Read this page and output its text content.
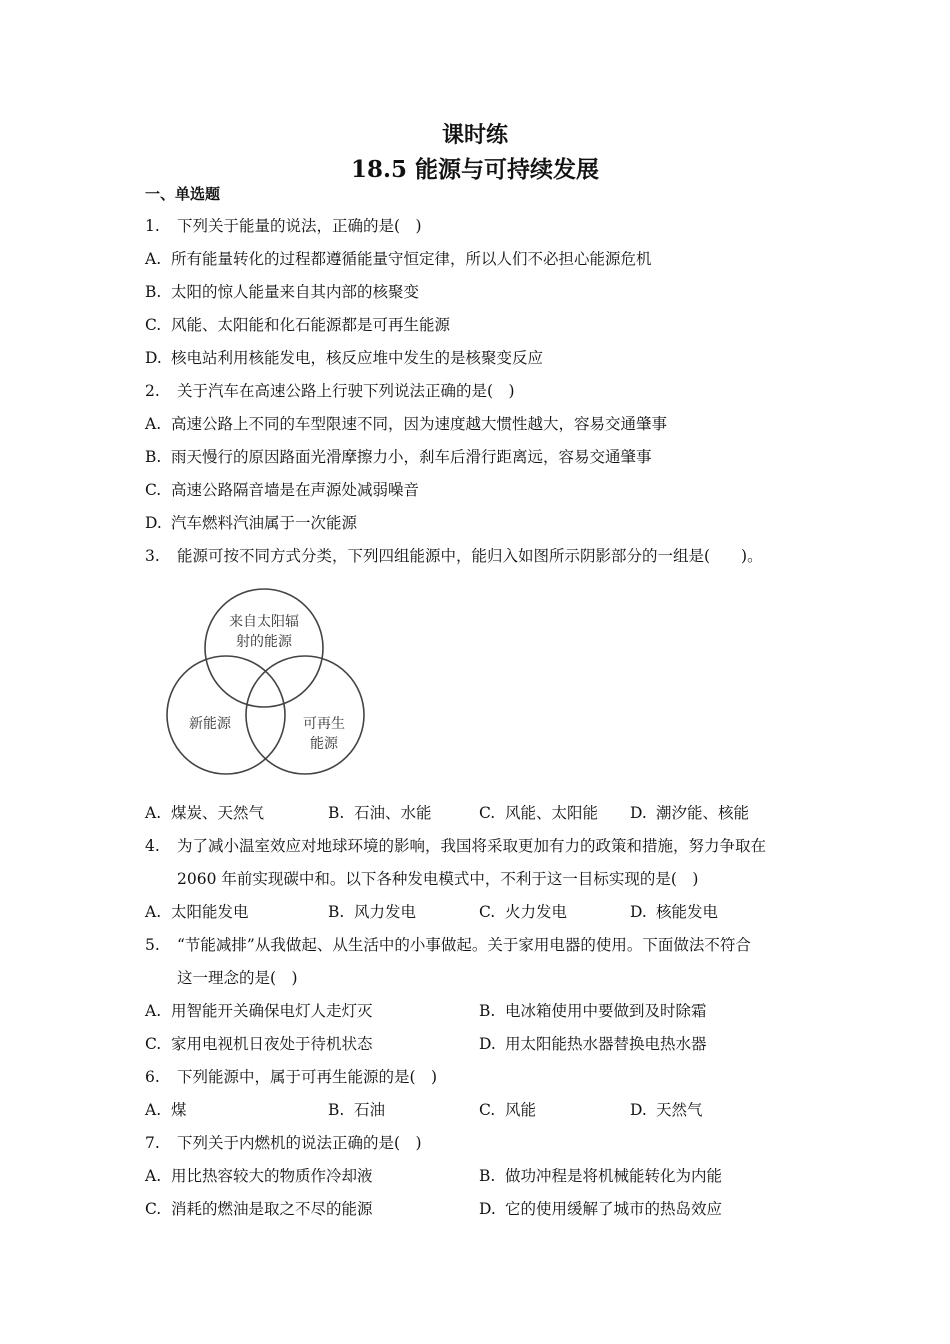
课时练
18.5 能源与可持续发展
一、单选题
1. 下列关于能量的说法，正确的是(　)
A. 所有能量转化的过程都遵循能量守恒定律，所以人们不必担心能源危机
B. 太阳的惊人能量来自其内部的核聚变
C. 风能、太阳能和化石能源都是可再生能源
D. 核电站利用核能发电，核反应堆中发生的是核聚变反应
2. 关于汽车在高速公路上行驶下列说法正确的是(　)
A. 高速公路上不同的车型限速不同，因为速度越大惯性越大，容易交通肇事
B. 雨天慢行的原因路面光滑摩擦力小，刹车后滑行距离远，容易交通肇事
C. 高速公路隔音墙是在声源处减弱噪音
D. 汽车燃料汽油属于一次能源
3. 能源可按不同方式分类，下列四组能源中，能归入如图所示阴影部分的一组是(　　)。
来自太阳辐
射的能源
新能源	可再生
能源
A. 煤炭、天然气	B. 石油、水能	C. 风能、太阳能 D. 潮汐能、核能
4. 为了减小温室效应对地球环境的影响，我国将采取更加有力的政策和措施，努力争取在
2060 年前实现碳中和。以下各种发电模式中，不利于这一目标实现的是(　)
A. 太阳能发电	B. 风力发电	C. 火力发电	D. 核能发电
5. “节能减排”从我做起、从生活中的小事做起。关于家用电器的使用。下面做法不符合
这一理念的是(　)
A. 用智能开关确保电灯人走灯灭	B. 电冰箱使用中要做到及时除霜
C. 家用电视机日夜处于待机状态	D. 用太阳能热水器替换电热水器
6. 下列能源中，属于可再生能源的是(　)
A. 煤	B. 石油	C. 风能	D. 天然气
7. 下列关于内燃机的说法正确的是(　)
A. 用比热容较大的物质作冷却液	B. 做功冲程是将机械能转化为内能
C. 消耗的燃油是取之不尽的能源	D. 它的使用缓解了城市的热岛效应
